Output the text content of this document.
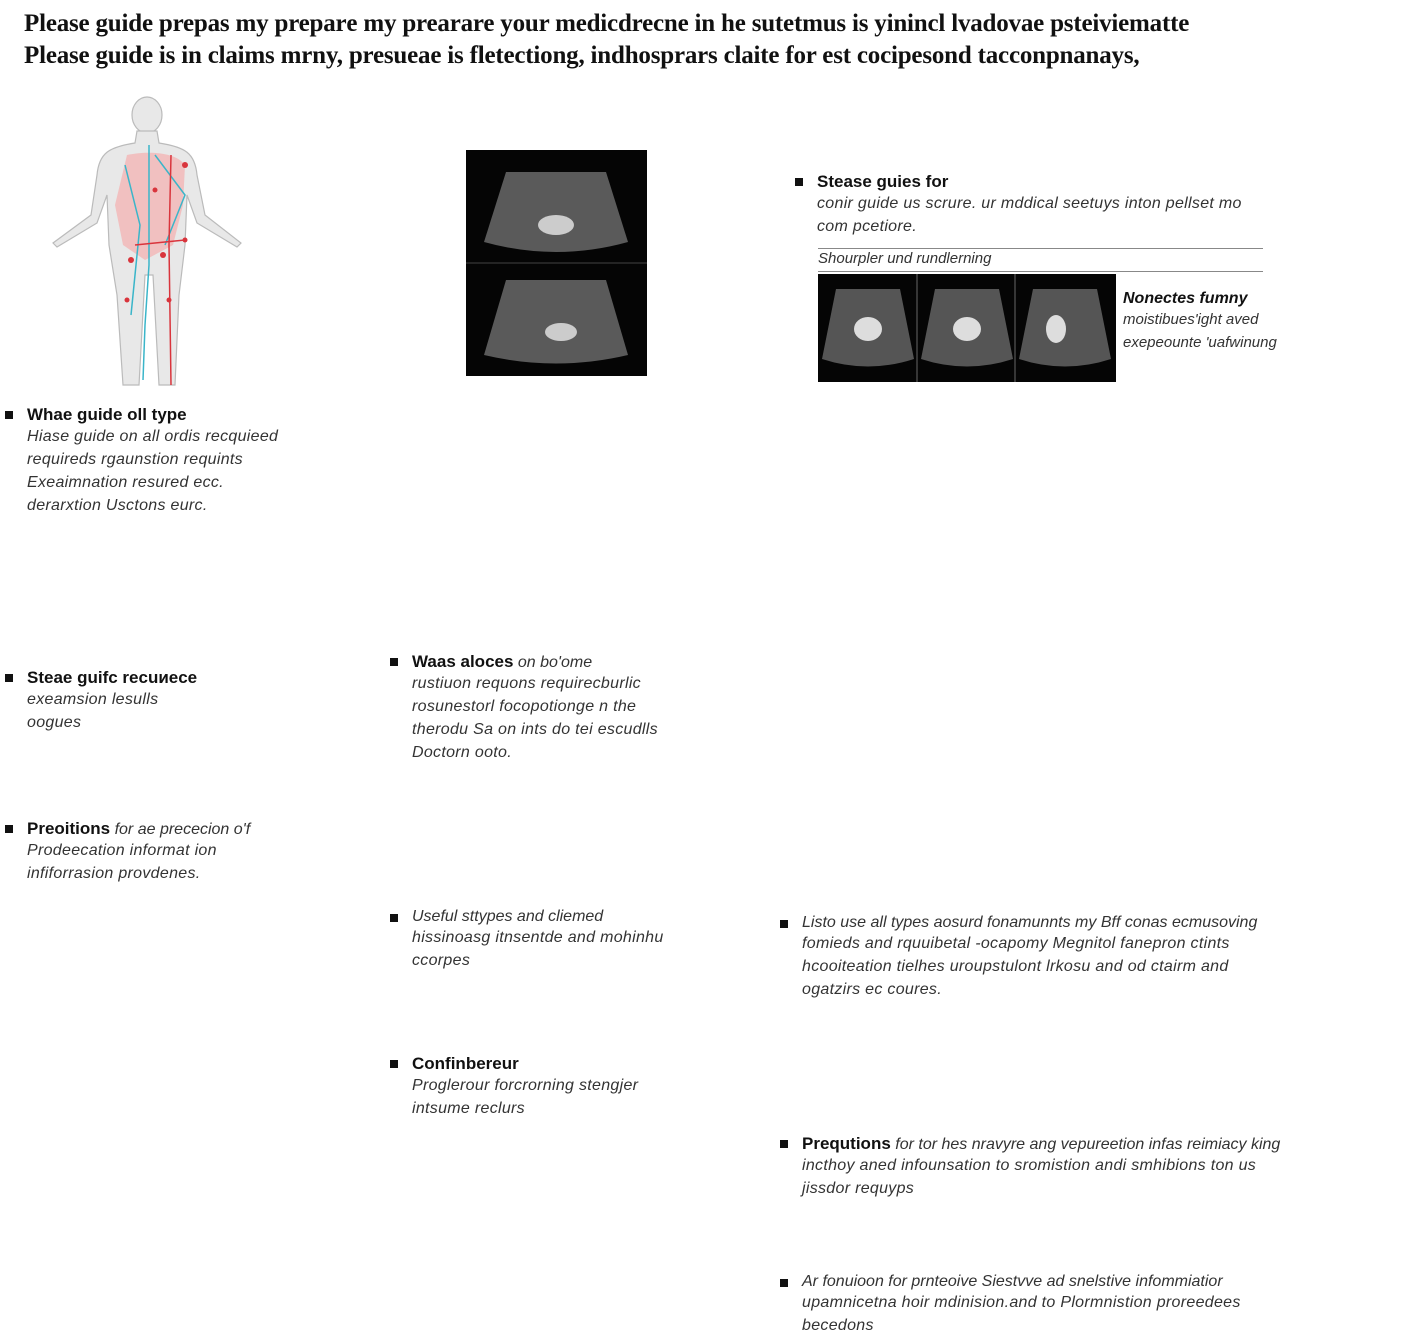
Please guide prepas my preparе my prearare your medicdrecne in he sutetmus is yinincl lvadovae psteiviematte
Please guide is in claims mrny, presueae is fletectiong, indhosprars claite for est cocipesond tacconpnanays,
Stease guies for

conir guide us scrure. ur mddical seetuys inton pellset mo

com pcetiore.

Shourpler und rundlerning
Nonectes fumny
moistibues'ight aved
exepeounte 'uafwinung
Whae guide oll type

Hiase guide on all ordis recquieed

requireds rgaunstion requints

Exeaimnation resured ecc.

derarxtion Usctons eurc.

Steae guifc recuиece

exeamsion lesulls

oogues

Preoitions for ae prececion o'f

Prodeecation informat ion

infiforrasion provdenes.

Waas aloces on bo'ome

rustiuon requons requirecburlic

rosunestorl focopotionge n the

therodu Sa on ints do tei escudlls

Doctorn ooto.

Useful sttypes and cliemed

hissinoasg itnsentde and mohinhu

ccorpes

Confinbereur

Proglerour forcrorning stengjer

intsume reclurs

Listo use all types aosurd fonamunnts my Bff conas ecmusoving

fomieds and rquuibetal -ocapomy Megnitol fanepron ctints

hcooiteation tielhes uroupstulont lrkosu and od ctairm and

ogatzirs ec coures.

Prequtions for tor hes nravyre ang vepureetion infas reimiacy king

incthoy aned infounsation to sromistion andi smhibions ton us

jissdor requyps

Ar fonuioon for prnteoive Siestvve ad snelstive infommiatior

upamnicetna hoir mdinision.and to Plormnistion proreedees

becedons
